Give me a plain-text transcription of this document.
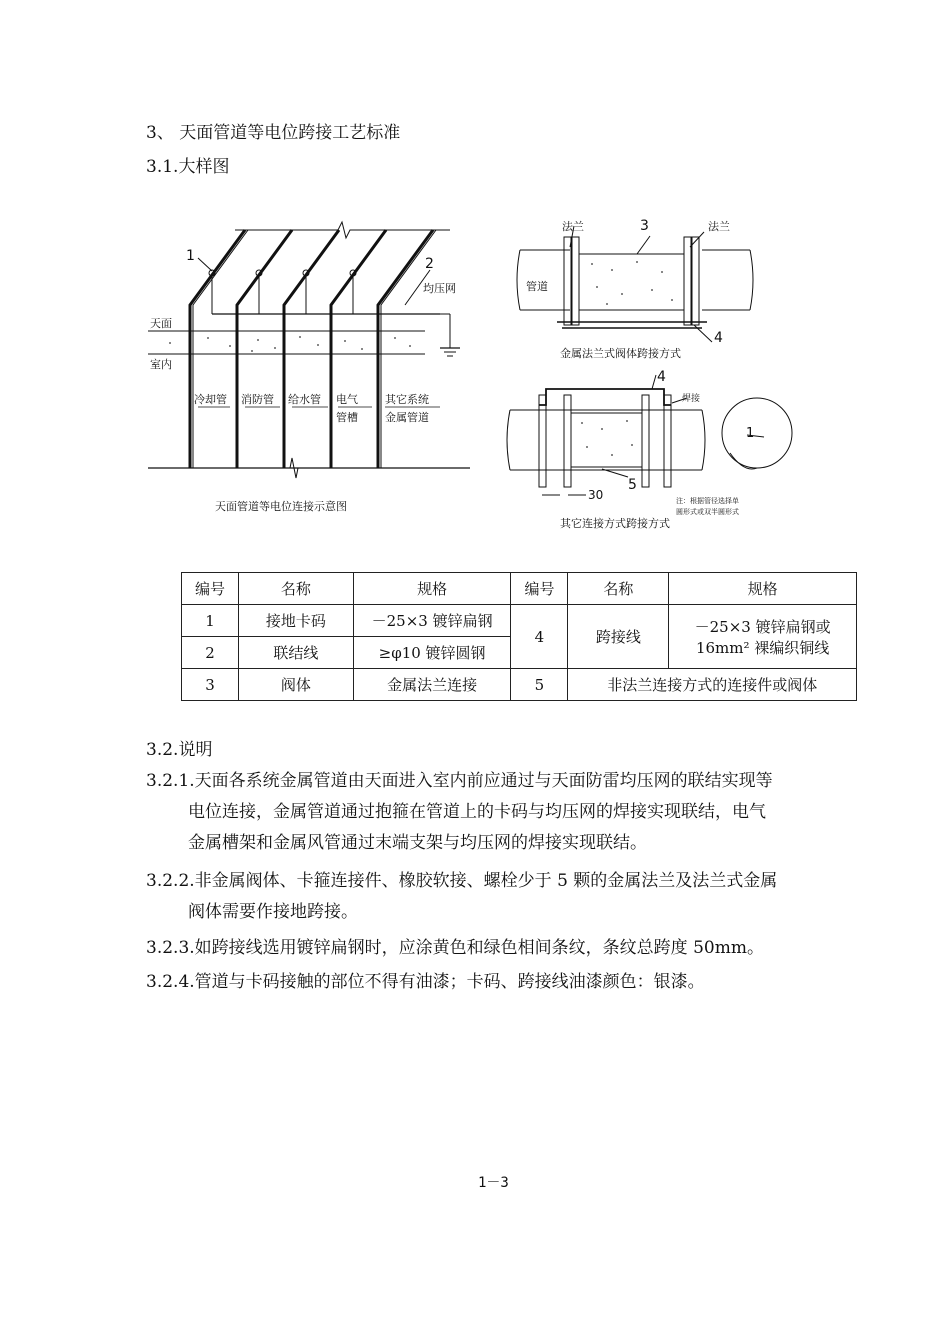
3、 天面管道等电位跨接工艺标准
3.1.大样图
1	2
均压网
天面
室内
冷却管 消防管 给水管 电气
管槽
其它系统
金属管道
天面管道等电位连接示意图
法兰	法兰
3
4
管道
金属法兰式阀体跨接方式
4
5
1
焊接
30	注：根据管径选择单
圆形式或双半圆形式
其它连接方式跨接方式
编号	名称	规格	编号	名称	规格
1	接地卡码	－25×3 镀锌扁钢	4	跨接线	－25×3 镀锌扁钢或
16mm² 裸编织铜线

2	联结线	≥φ10 镀锌圆钢			
3	阀体	金属法兰连接	5	非法兰连接方式的连接件或阀体	
3.2.说明
3.2.1.天面各系统金属管道由天面进入室内前应通过与天面防雷均压网的联结实现等
电位连接，金属管道通过抱箍在管道上的卡码与均压网的焊接实现联结，电气
金属槽架和金属风管通过末端支架与均压网的焊接实现联结。
3.2.2.非金属阀体、卡箍连接件、橡胶软接、螺栓少于 5 颗的金属法兰及法兰式金属
阀体需要作接地跨接。
3.2.3.如跨接线选用镀锌扁钢时，应涂黄色和绿色相间条纹，条纹总跨度 50mm。
3.2.4.管道与卡码接触的部位不得有油漆；卡码、跨接线油漆颜色：银漆。
1－3
